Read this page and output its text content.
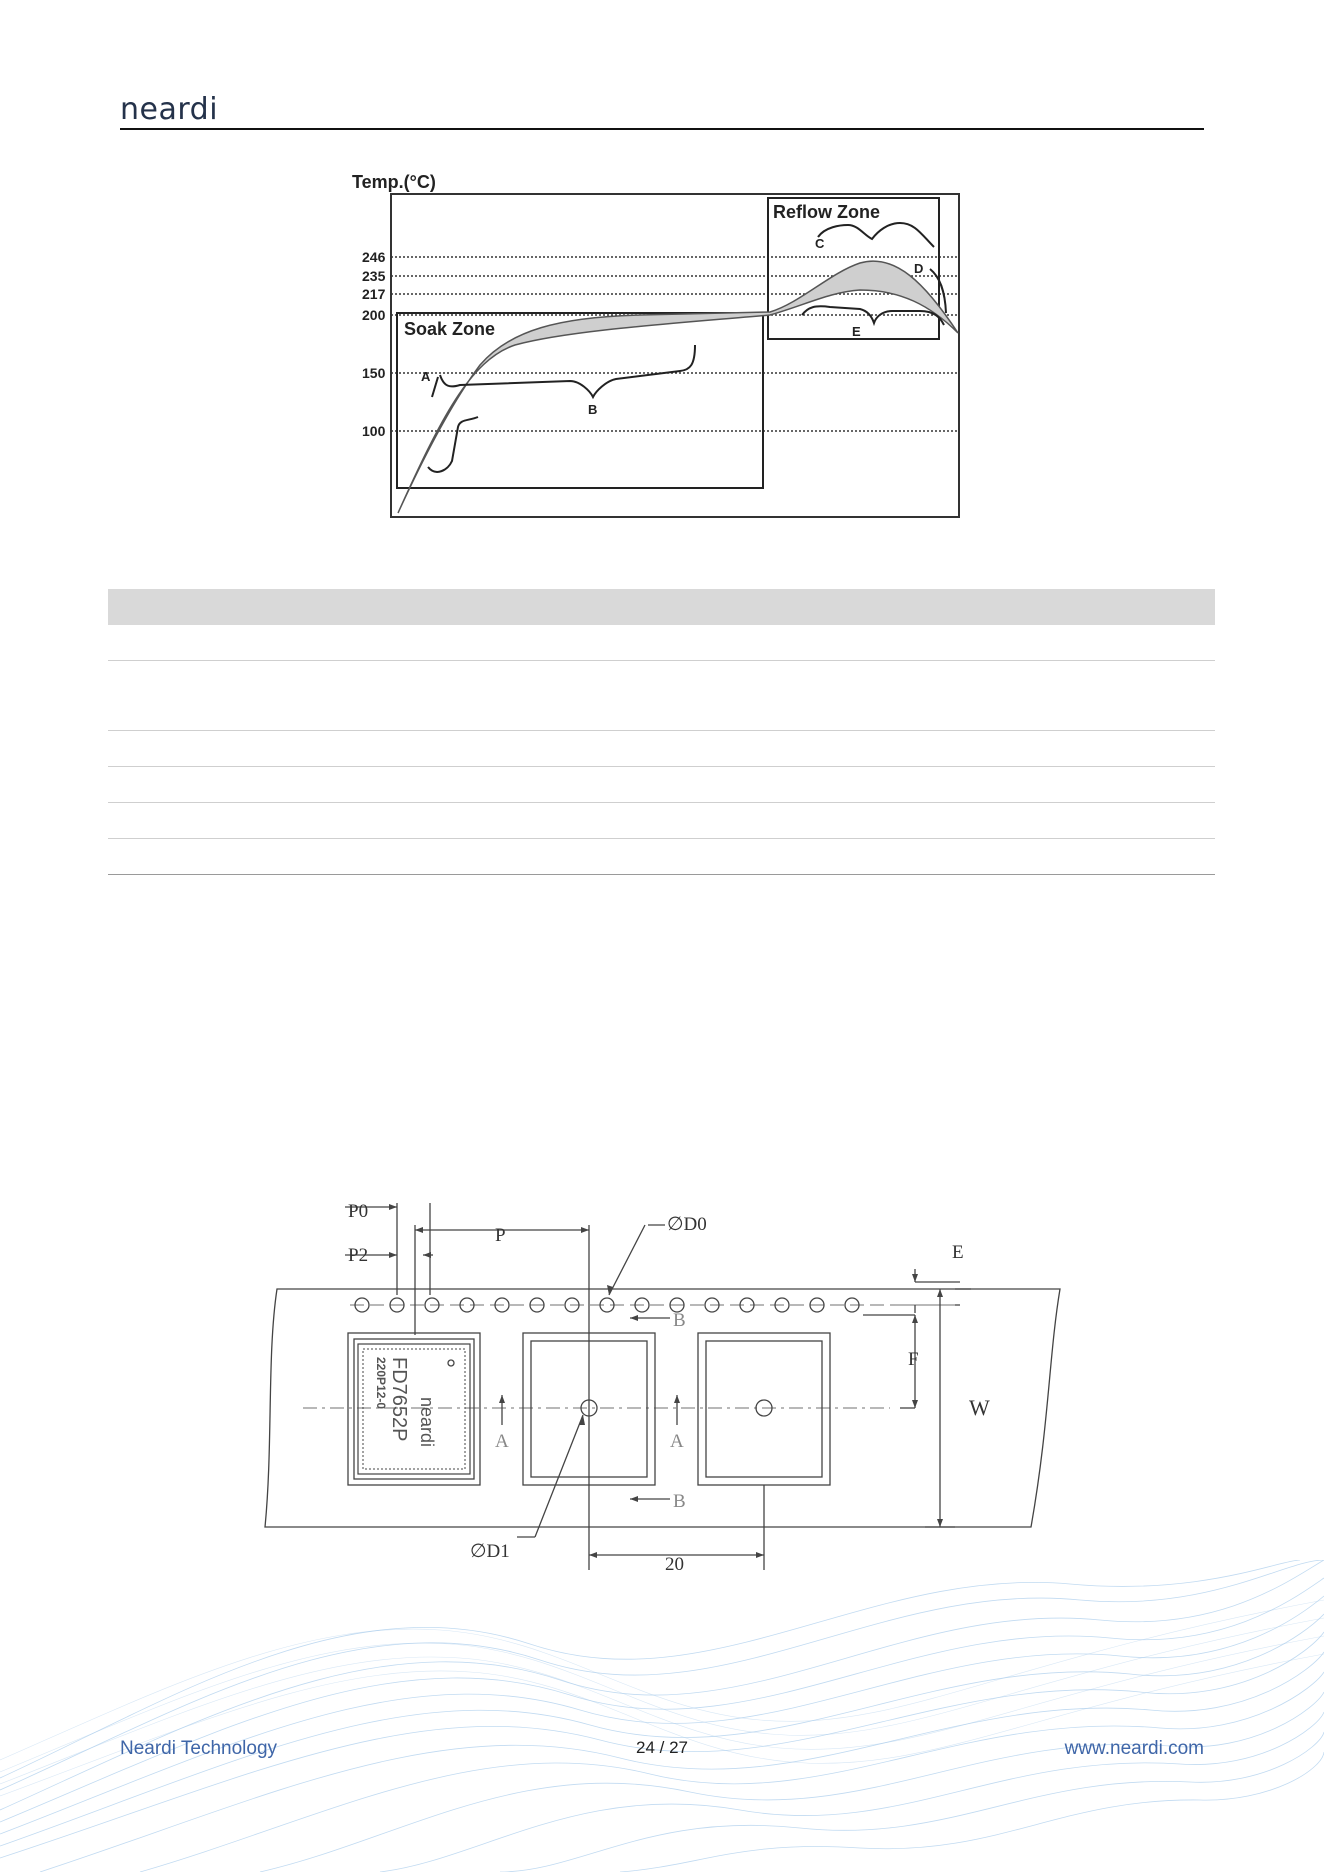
neardi
Temp.(°C)
246
235
217
200
150
100
Soak Zone
Reflow Zone
A
B
C
D
E
P0
P
P2
∅D0
E
F
W
B
B
A	A
∅D1
20
FD7652P
220P12-0
neardi
Neardi Technology	24 / 27	www.neardi.com
